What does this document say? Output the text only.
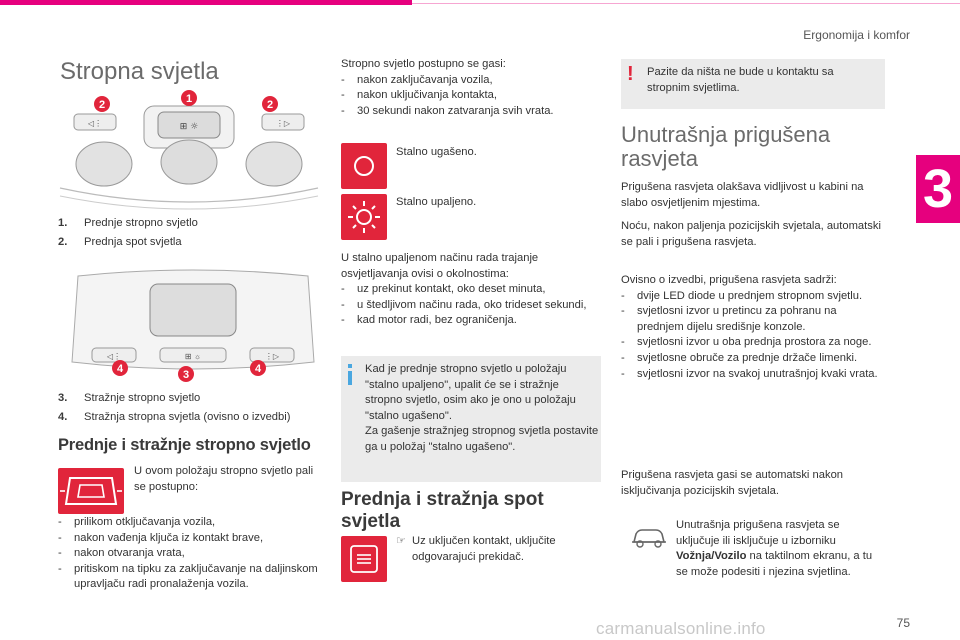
Ergonomija i komfor
3
75
carmanualsonline.info
Stropna svjetla
⊞ ☼
◁⋮	⋮▷
2	1	2
1.	Prednje stropno svjetlo
2.	Prednja spot svjetla
◁⋮	⊞ ☼	⋮▷
4	3	4
3.	Stražnje stropno svjetlo
4.	Stražnja stropna svjetla (ovisno o izvedbi)
Prednje i stražnje stropno svjetlo
U ovom položaju stropno svjetlo pali se postupno:
-	prilikom otključavanja vozila,
-	nakon vađenja ključa iz kontakt brave,
-	nakon otvaranja vrata,
-	pritiskom na tipku za zaključavanje na daljinskom upravljaču radi pronalaženja vozila.
Stropno svjetlo postupno se gasi:
-	nakon zaključavanja vozila,
-	nakon uključivanja kontakta,
-	30 sekundi nakon zatvaranja svih vrata.
Stalno ugašeno.
Stalno upaljeno.
U stalno upaljenom načinu rada trajanje osvjetljavanja ovisi o okolnostima:
-	uz prekinut kontakt, oko deset minuta,
-	u štedljivom načinu rada, oko trideset sekundi,
-	kad motor radi, bez ograničenja.
Kad je prednje stropno svjetlo u položaju "stalno upaljeno", upalit će se i stražnje stropno svjetlo, osim ako je ono u položaju "stalno ugašeno".
Za gašenje stražnjeg stropnog svjetla postavite ga u položaj "stalno ugašeno".
Prednja i stražnja spot svjetla
☞ Uz uključen kontakt, uključite odgovarajući prekidač.
! Pazite da ništa ne bude u kontaktu sa stropnim svjetlima.
Unutrašnja prigušena rasvjeta
Prigušena rasvjeta olakšava vidljivost u kabini na slabo osvjetljenim mjestima.
Noću, nakon paljenja pozicijskih svjetala, automatski se pali i prigušena rasvjeta.
Ovisno o izvedbi, prigušena rasvjeta sadrži:
-	dvije LED diode u prednjem stropnom svjetlu.
-	svjetlosni izvor u pretincu za pohranu na prednjem dijelu središnje konzole.
-	svjetlosni izvor u oba prednja prostora za noge.
-	svjetlosne obruče za prednje držače limenki.
-	svjetlosni izvor na svakoj unutrašnjoj kvaki vrata.
Prigušena rasvjeta gasi se automatski nakon isključivanja pozicijskih svjetala.
Unutrašnja prigušena rasvjeta se uključuje ili isključuje u izborniku Vožnja/Vozilo na taktilnom ekranu, a tu se može podesiti i njezina svjetlina.
